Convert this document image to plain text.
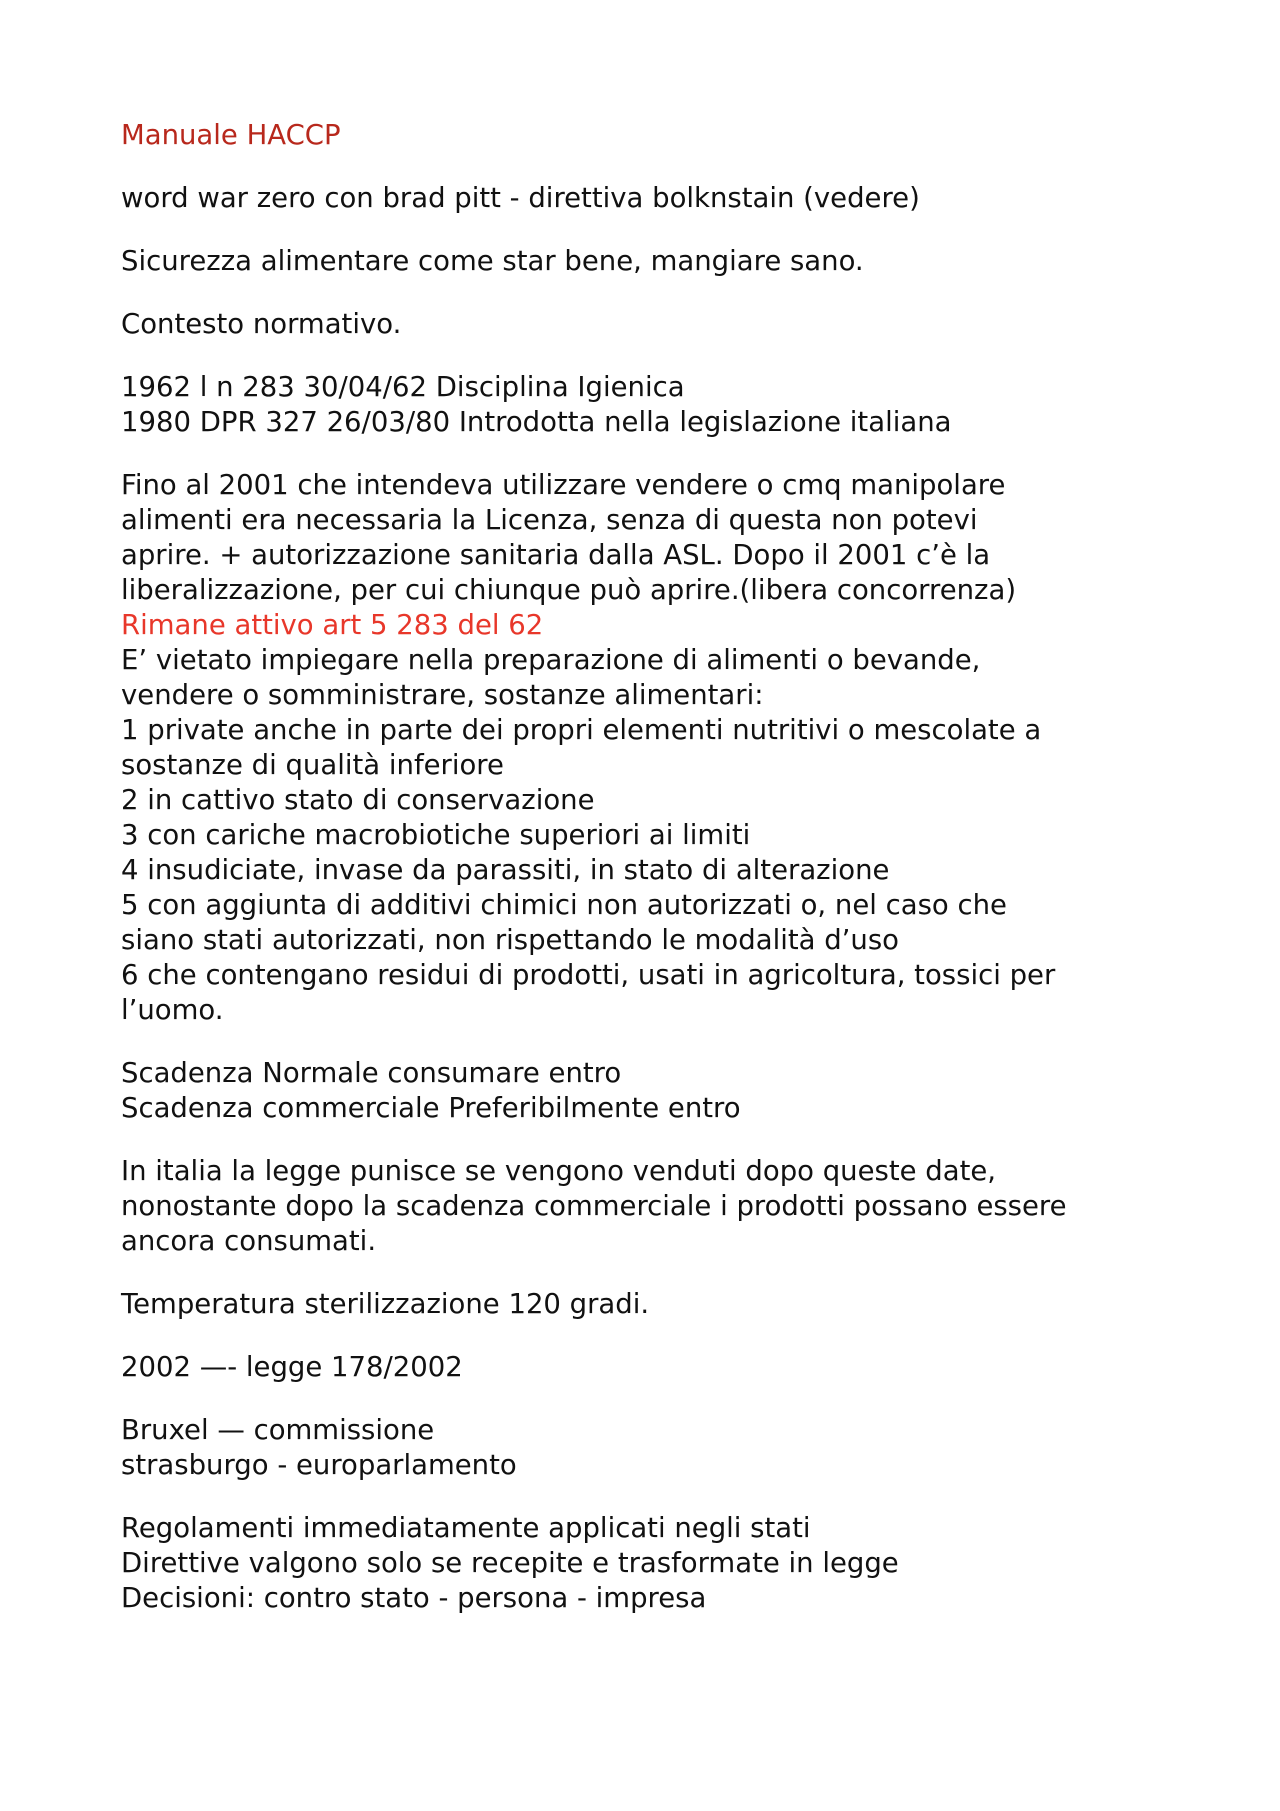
Manuale HACCP
word war zero con brad pitt - direttiva bolknstain (vedere)
Sicurezza alimentare come star bene, mangiare sano.
Contesto normativo.
1962 l n 283 30/04/62 Disciplina Igienica
1980 DPR 327 26/03/80 Introdotta nella legislazione italiana
Fino al 2001 che intendeva utilizzare vendere o cmq manipolare
alimenti era necessaria la Licenza, senza di questa non potevi
aprire. + autorizzazione sanitaria dalla ASL. Dopo il 2001 c’è la
liberalizzazione, per cui chiunque può aprire.(libera concorrenza)
Rimane attivo art 5 283 del 62
E’ vietato impiegare nella preparazione di alimenti o bevande,
vendere o somministrare, sostanze alimentari:
1 private anche in parte dei propri elementi nutritivi o mescolate a
sostanze di qualità inferiore
2 in cattivo stato di conservazione
3 con cariche macrobiotiche superiori ai limiti
4 insudiciate, invase da parassiti, in stato di alterazione
5 con aggiunta di additivi chimici non autorizzati o, nel caso che
siano stati autorizzati, non rispettando le modalità d’uso
6 che contengano residui di prodotti, usati in agricoltura, tossici per
l’uomo.
Scadenza Normale consumare entro
Scadenza commerciale Preferibilmente entro
In italia la legge punisce se vengono venduti dopo queste date,
nonostante dopo la scadenza commerciale i prodotti possano essere
ancora consumati.
Temperatura sterilizzazione 120 gradi.
2002 —- legge 178/2002
Bruxel — commissione
strasburgo - europarlamento
Regolamenti immediatamente applicati negli stati
Direttive valgono solo se recepite e trasformate in legge
Decisioni: contro stato - persona - impresa
